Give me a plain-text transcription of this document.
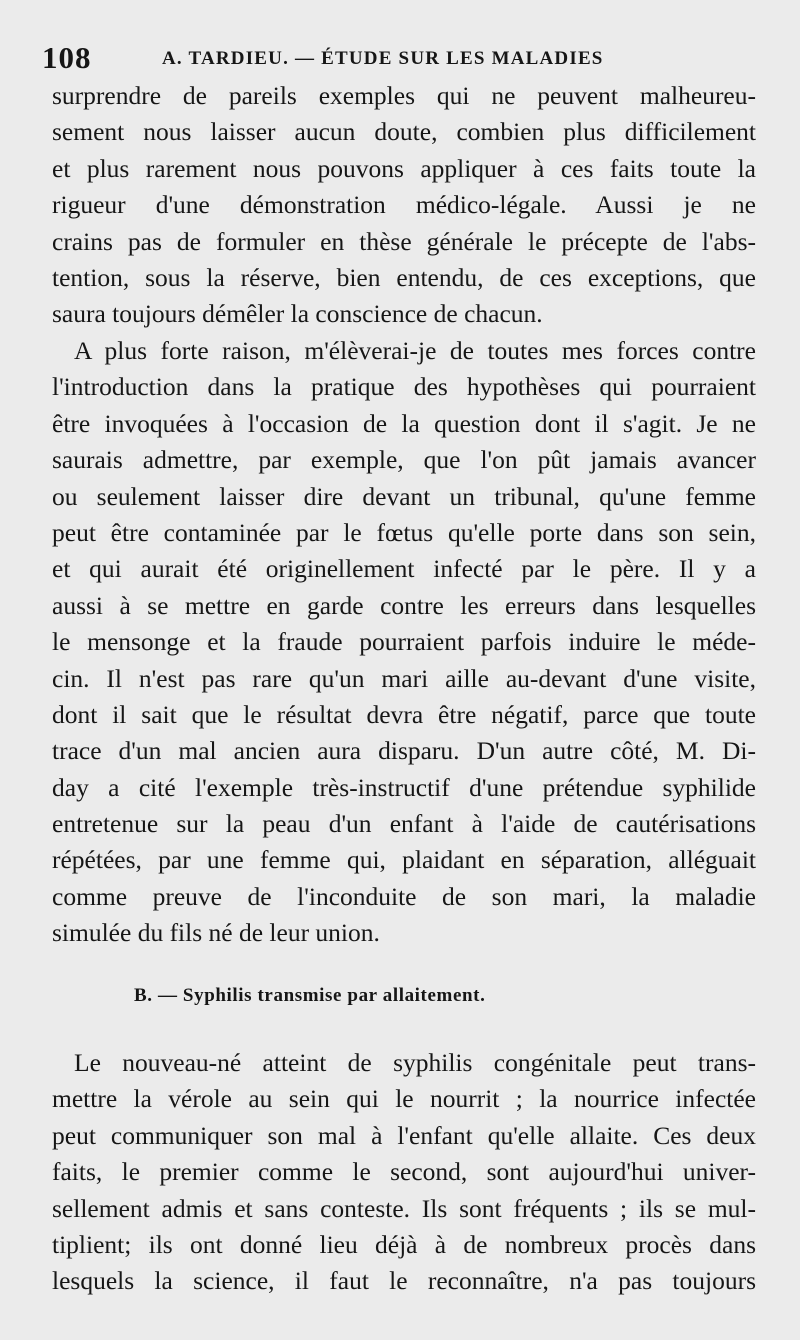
108	A. TARDIEU. — ÉTUDE SUR LES MALADIES
surprendre de pareils exemples qui ne peuvent malheureu-
sement nous laisser aucun doute, combien plus difficilement
et plus rarement nous pouvons appliquer à ces faits toute la
rigueur d'une démonstration médico-légale. Aussi je ne
crains pas de formuler en thèse générale le précepte de l'abs-
tention, sous la réserve, bien entendu, de ces exceptions, que
saura toujours démêler la conscience de chacun.
A plus forte raison, m'élèverai-je de toutes mes forces contre
l'introduction dans la pratique des hypothèses qui pourraient
être invoquées à l'occasion de la question dont il s'agit. Je ne
saurais admettre, par exemple, que l'on pût jamais avancer
ou seulement laisser dire devant un tribunal, qu'une femme
peut être contaminée par le fœtus qu'elle porte dans son sein,
et qui aurait été originellement infecté par le père. Il y a
aussi à se mettre en garde contre les erreurs dans lesquelles
le mensonge et la fraude pourraient parfois induire le méde-
cin. Il n'est pas rare qu'un mari aille au-devant d'une visite,
dont il sait que le résultat devra être négatif, parce que toute
trace d'un mal ancien aura disparu. D'un autre côté, M. Di-
day a cité l'exemple très-instructif d'une prétendue syphilide
entretenue sur la peau d'un enfant à l'aide de cautérisations
répétées, par une femme qui, plaidant en séparation, alléguait
comme preuve de l'inconduite de son mari, la maladie
simulée du fils né de leur union.
B. — Syphilis transmise par allaitement.
Le nouveau-né atteint de syphilis congénitale peut trans-
mettre la vérole au sein qui le nourrit ; la nourrice infectée
peut communiquer son mal à l'enfant qu'elle allaite. Ces deux
faits, le premier comme le second, sont aujourd'hui univer-
sellement admis et sans conteste. Ils sont fréquents ; ils se mul-
tiplient; ils ont donné lieu déjà à de nombreux procès dans
lesquels la science, il faut le reconnaître, n'a pas toujours
